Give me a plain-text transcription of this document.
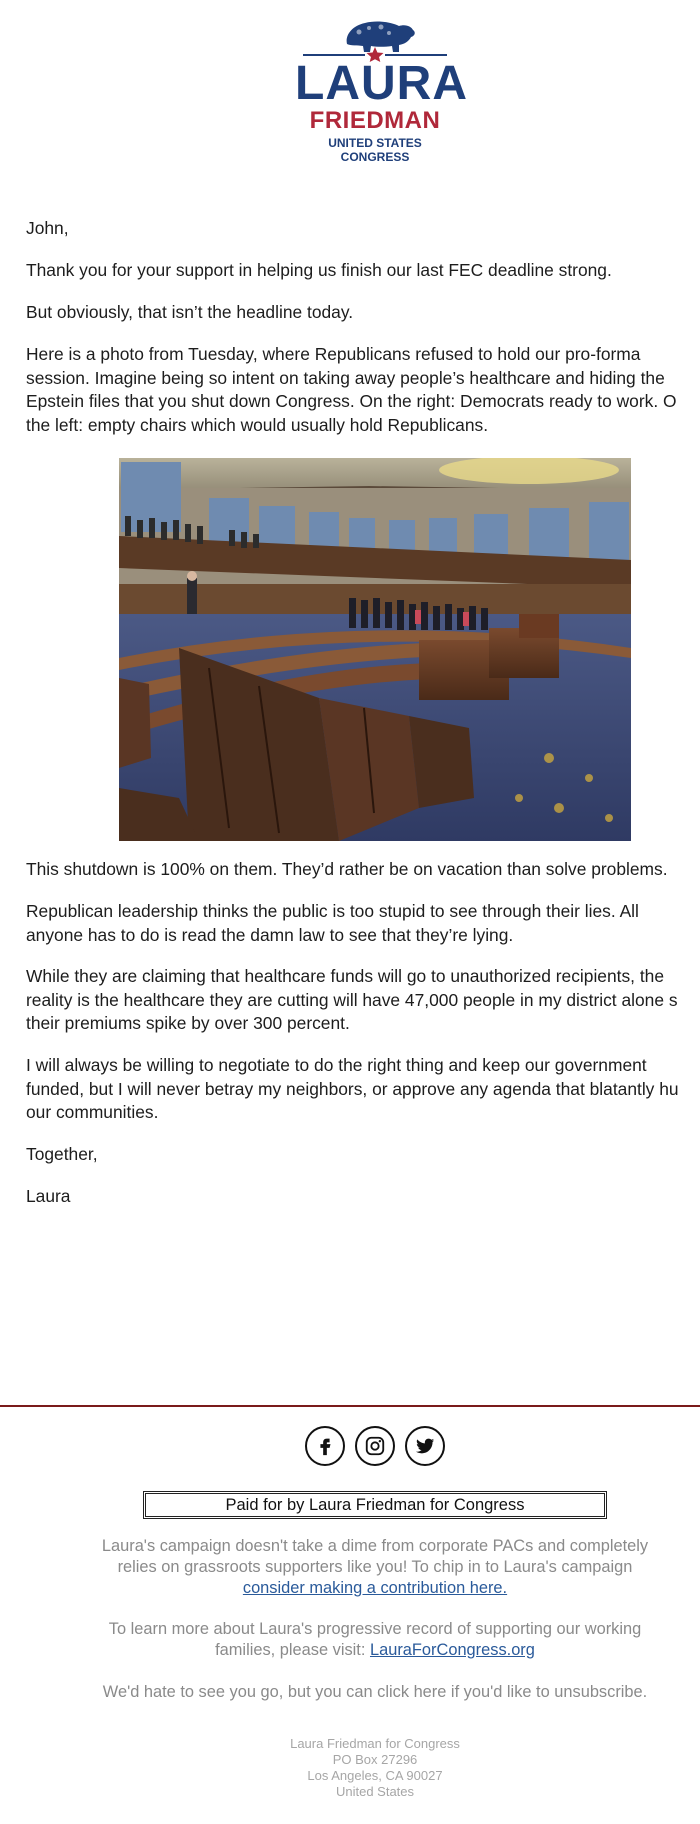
LAURA
FRIEDMAN
UNITED STATES CONGRESS

John,

Thank you for your support in helping us finish our last FEC deadline strong.

But obviously, that isn’t the headline today.

Here is a photo from Tuesday, where Republicans refused to hold our pro-forma
session. Imagine being so intent on taking away people’s healthcare and hiding the
Epstein files that you shut down Congress. On the right: Democrats ready to work. O
the left: empty chairs which would usually hold Republicans.

This shutdown is 100% on them. They’d rather be on vacation than solve problems.

Republican leadership thinks the public is too stupid to see through their lies. All
anyone has to do is read the damn law to see that they’re lying.

While they are claiming that healthcare funds will go to unauthorized recipients, the
reality is the healthcare they are cutting will have 47,000 people in my district alone s
their premiums spike by over 300 percent.

I will always be willing to negotiate to do the right thing and keep our government
funded, but I will never betray my neighbors, or approve any agenda that blatantly hu
our communities.

Together,

Laura

Paid for by Laura Friedman for Congress
Laura's campaign doesn't take a dime from corporate PACs and completely
relies on grassroots supporters like you! To chip in to Laura's campaign
consider making a contribution here.
To learn more about Laura's progressive record of supporting our working
families, please visit: LauraForCongress.org
We'd hate to see you go, but you can click here if you'd like to unsubscribe.
Laura Friedman for Congress
PO Box 27296
Los Angeles, CA 90027
United States
